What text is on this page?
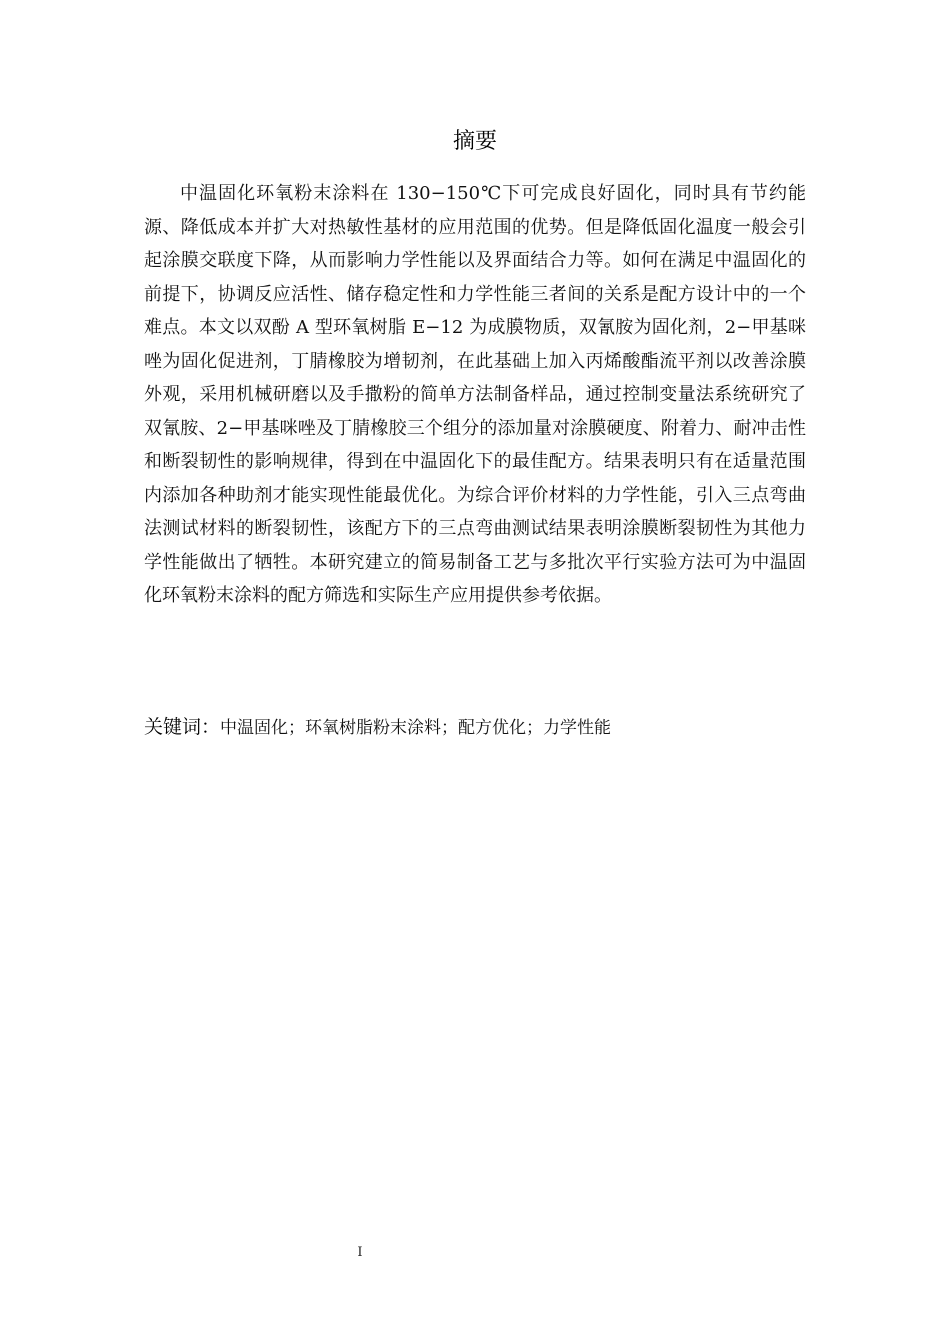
摘要

中温固化环氧粉末涂料在 130−150℃下可完成良好固化，同时具有节约能源、降低成本并扩大对热敏性基材的应用范围的优势。但是降低固化温度一般会引起涂膜交联度下降，从而影响力学性能以及界面结合力等。如何在满足中温固化的前提下，协调反应活性、储存稳定性和力学性能三者间的关系是配方设计中的一个难点。本文以双酚 A 型环氧树脂 E−12 为成膜物质，双氰胺为固化剂，2−甲基咪唑为固化促进剂，丁腈橡胶为增韧剂，在此基础上加入丙烯酸酯流平剂以改善涂膜外观，采用机械研磨以及手撒粉的简单方法制备样品，通过控制变量法系统研究了双氰胺、2−甲基咪唑及丁腈橡胶三个组分的添加量对涂膜硬度、附着力、耐冲击性和断裂韧性的影响规律，得到在中温固化下的最佳配方。结果表明只有在适量范围内添加各种助剂才能实现性能最优化。为综合评价材料的力学性能，引入三点弯曲法测试材料的断裂韧性，该配方下的三点弯曲测试结果表明涂膜断裂韧性为其他力学性能做出了牺牲。本研究建立的简易制备工艺与多批次平行实验方法可为中温固化环氧粉末涂料的配方筛选和实际生产应用提供参考依据。

关键词：中温固化；环氧树脂粉末涂料；配方优化；力学性能

I
